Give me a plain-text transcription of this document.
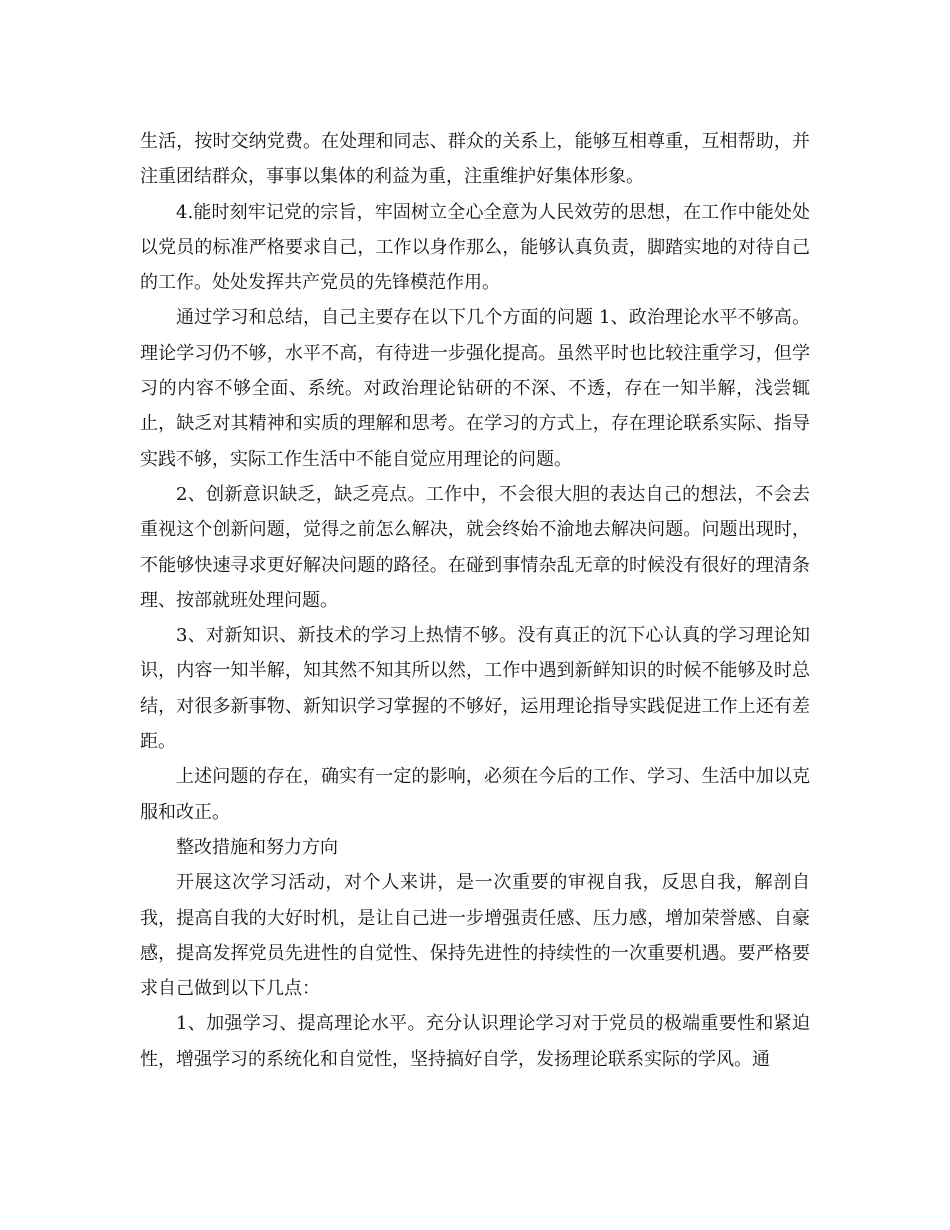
生活，按时交纳党费。在处理和同志、群众的关系上，能够互相尊重，互相帮助，并注重团结群众，事事以集体的利益为重，注重维护好集体形象。

4.能时刻牢记党的宗旨，牢固树立全心全意为人民效劳的思想，在工作中能处处以党员的标准严格要求自己，工作以身作那么，能够认真负责，脚踏实地的对待自己的工作。处处发挥共产党员的先锋模范作用。

通过学习和总结，自己主要存在以下几个方面的问题 1、政治理论水平不够高。理论学习仍不够，水平不高，有待进一步强化提高。虽然平时也比较注重学习，但学习的内容不够全面、系统。对政治理论钻研的不深、不透，存在一知半解，浅尝辄止，缺乏对其精神和实质的理解和思考。在学习的方式上，存在理论联系实际、指导实践不够，实际工作生活中不能自觉应用理论的问题。

2、创新意识缺乏，缺乏亮点。工作中，不会很大胆的表达自己的想法，不会去重视这个创新问题，觉得之前怎么解决，就会终始不渝地去解决问题。问题出现时，不能够快速寻求更好解决问题的路径。在碰到事情杂乱无章的时候没有很好的理清条理、按部就班处理问题。

3、对新知识、新技术的学习上热情不够。没有真正的沉下心认真的学习理论知识，内容一知半解，知其然不知其所以然，工作中遇到新鲜知识的时候不能够及时总结，对很多新事物、新知识学习掌握的不够好，运用理论指导实践促进工作上还有差距。

上述问题的存在，确实有一定的影响，必须在今后的工作、学习、生活中加以克服和改正。

整改措施和努力方向

开展这次学习活动，对个人来讲，是一次重要的审视自我，反思自我，解剖自我，提高自我的大好时机，是让自己进一步增强责任感、压力感，增加荣誉感、自豪感，提高发挥党员先进性的自觉性、保持先进性的持续性的一次重要机遇。要严格要求自己做到以下几点：

1、加强学习、提高理论水平。充分认识理论学习对于党员的极端重要性和紧迫性，增强学习的系统化和自觉性，坚持搞好自学，发扬理论联系实际的学风。通
